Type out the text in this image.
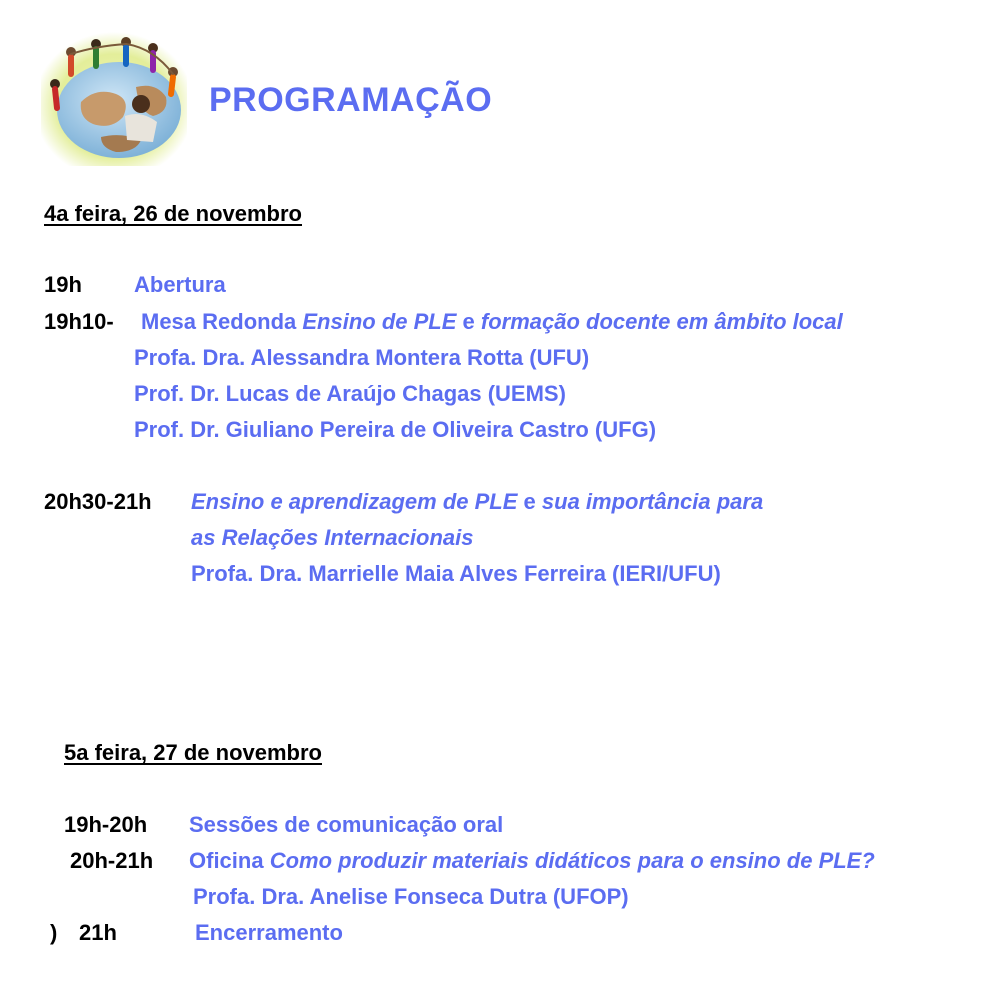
PROGRAMAÇÃO
4a feira, 26 de novembro
19h Abertura
19h10- Mesa Redonda Ensino de PLE e formação docente em âmbito local
Profa. Dra. Alessandra Montera Rotta (UFU)
Prof. Dr. Lucas de Araújo Chagas (UEMS)
Prof. Dr. Giuliano Pereira de Oliveira Castro (UFG)
20h30-21h Ensino e aprendizagem de PLE e sua importância para
as Relações Internacionais
Profa. Dra. Marrielle Maia Alves Ferreira (IERI/UFU)
5a feira, 27 de novembro
19h-20h Sessões de comunicação oral
20h-21h Oficina Como produzir materiais didáticos para o ensino de PLE?
Profa. Dra. Anelise Fonseca Dutra (UFOP)
) 21h	Encerramento
